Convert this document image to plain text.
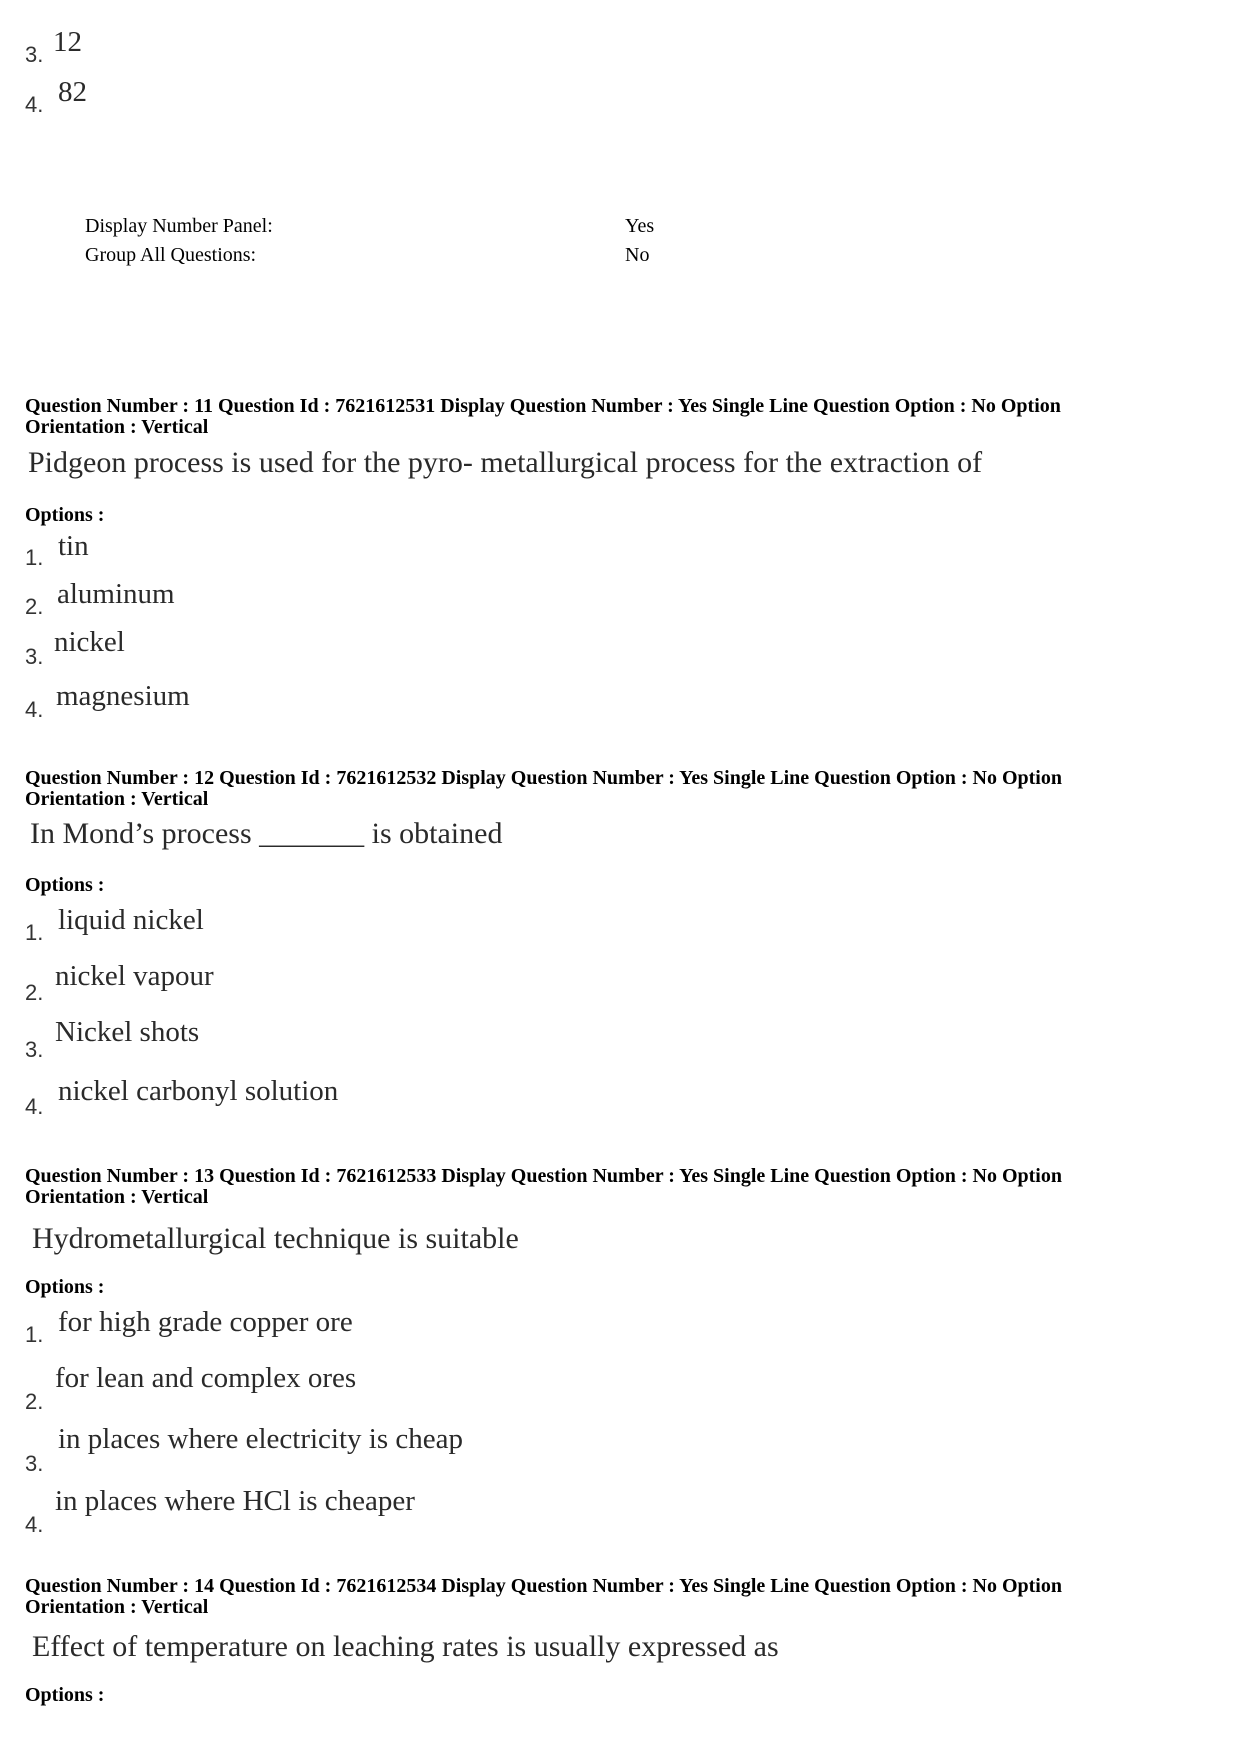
3. 12
4. 82
Display Number Panel:	Yes
Group All Questions:	No
Question Number : 11 Question Id : 7621612531 Display Question Number : Yes Single Line Question Option : No Option
Orientation : Vertical
Pidgeon process is used for the pyro- metallurgical process for the extraction of
Options :
1. tin
2. aluminum
3. nickel
4. magnesium
Question Number : 12 Question Id : 7621612532 Display Question Number : Yes Single Line Question Option : No Option
Orientation : Vertical
In Mond’s process _______ is obtained
Options :
1. liquid nickel
2.
nickel vapour
3.
Nickel shots
4. nickel carbonyl solution
Question Number : 13 Question Id : 7621612533 Display Question Number : Yes Single Line Question Option : No Option
Orientation : Vertical
Hydrometallurgical technique is suitable
Options :
1. for high grade copper ore
2.
for lean and complex ores
3.
in places where electricity is cheap
4.
in places where HCl is cheaper
Question Number : 14 Question Id : 7621612534 Display Question Number : Yes Single Line Question Option : No Option
Orientation : Vertical
Effect of temperature on leaching rates is usually expressed as
Options :
